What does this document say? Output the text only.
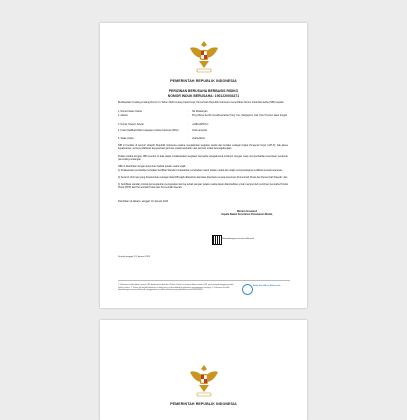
PEMERINTAH REPUBLIK INDONESIA
PERIZINAN BERUSAHA BERBASIS RISIKO
NOMOR INDUK BERUSAHA: 1901220004271
Berdasarkan Undang-Undang Nomor 11 Tahun 2020 tentang Cipta Kerja, Pemerintah Republik Indonesia menerbitkan Nomor Induk Berusaha (NIB) kepada:
1. Nama Pelaku Usaha	: Siti Mudawiyah
2. Alamat	: Pring Mulyo Kec03, Desa/Kelurahan Pring, Kec. Wargapura, Kab. Pati, Provinsi Jawa Tengah
3. Nomor Telepon Seluler	: +6281234567xx
4. Kode Klasifikasi Baku Lapangan Usaha Indonesia (KBLI)	: Lihat Lampiran
5. Skala Usaha	: Usaha Mikro
NIB ini berlaku di seluruh wilayah Republik Indonesia selama menjalankan kegiatan usaha dan berlaku sebagai Angka Pengenal Impor (API-P), hak akses kepabeanan, serta pendaftaran kepesertaan jaminan sosial kesehatan dan jaminan sosial ketenagakerjaan.
Pelaku Usaha dengan NIB tersebut di atas dapat melaksanakan kegiatan berusaha sebagaimana terlampir dengan tetap memperhatikan ketentuan peraturan perundang-undangan.
NIB ini diterbitkan dengan ketentuan bahwa pelaku usaha wajib:
1) Pelaksanaan perubahan terhadap Sertifikat Standar berdasarkan perubahan materi pelaku usaha dan wajib memperpanjang sertifikasi sesuai ketentuan.
2) Seluruh informasi yang dicantumkan sebagai data NIB wajib dilaporkan dan/atau diperbarui sesuai ketentuan Pemerintah Pusat dan Pemerintah Daerah; dan
3) Sertifikasi standar produk dan kepatuhan persyaratan lainnya terkait dengan pelaku usaha dapat ditambahkan untuk memperoleh perizinan berusaha Produk Pusat (PPP) dari Pemerintah Pusat dan Pemerintah Daerah.
Diterbitkan di Jakarta, tanggal: 19 Januari 2023
Menteri Investasi/
Kepala Badan Koordinasi Penanaman Modal,
Ditandatangani secara elektronik
Dicetak tanggal: 19 Januari 2023
1. Dokumen ini diterbitkan sistem OSS berdasarkan data dari Pelaku Usaha, tersimpan dalam sistem OSS, yang menjadi tanggung jawab Pelaku Usaha. 2. Dalam hal terjadi kekeliruan isi dokumen ini akan dilakukan perbaikan sebagaimana mestinya. 3. Dokumen ini telah ditandatangani secara elektronik menggunakan sertifikat elektronik yang diterbitkan oleh BSrE-BSSN.
Balai Sertifikasi Elektronik
PEMERINTAH REPUBLIK INDONESIA
